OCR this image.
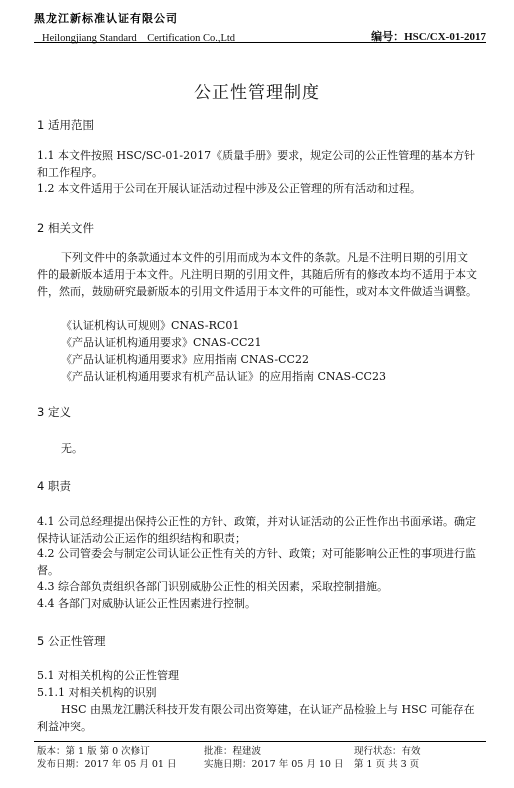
黑龙江新标准认证有限公司
Heilongjiang Standard    Certification Co.,Ltd	编号：HSC/CX-01-2017
公正性管理制度
1 适用范围
1.1 本文件按照 HSC/SC-01-2017《质量手册》要求，规定公司的公正性管理的基本方针和工作程序。
1.2 本文件适用于公司在开展认证活动过程中涉及公正管理的所有活动和过程。
2 相关文件
下列文件中的条款通过本文件的引用而成为本文件的条款。凡是不注明日期的引用文件的最新版本适用于本文件。凡注明日期的引用文件，其随后所有的修改本均不适用于本文件，然而，鼓励研究最新版本的引用文件适用于本文件的可能性，或对本文件做适当调整。
《认证机构认可规则》CNAS-RC01
《产品认证机构通用要求》CNAS-CC21
《产品认证机构通用要求》应用指南 CNAS-CC22
《产品认证机构通用要求有机产品认证》的应用指南 CNAS-CC23
3 定义
无。
4 职责
4.1 公司总经理提出保持公正性的方针、政策，并对认证活动的公正性作出书面承诺。确定保持认证活动公正运作的组织结构和职责；
4.2 公司管委会与制定公司认证公正性有关的方针、政策；对可能影响公正性的事项进行监督。
4.3 综合部负责组织各部门识别威胁公正性的相关因素，采取控制措施。
4.4 各部门对威胁认证公正性因素进行控制。
5 公正性管理
5.1 对相关机构的公正性管理
5.1.1 对相关机构的识别
HSC 由黑龙江鹏沃科技开发有限公司出资筹建，在认证产品检验上与 HSC 可能存在利益冲突。
版本：第 1 版 第 0 次修订	批准：程建波	现行状态：有效
发布日期：2017 年 05 月 01 日	实施日期：2017 年 05 月 10 日	第 1 页 共 3 页
